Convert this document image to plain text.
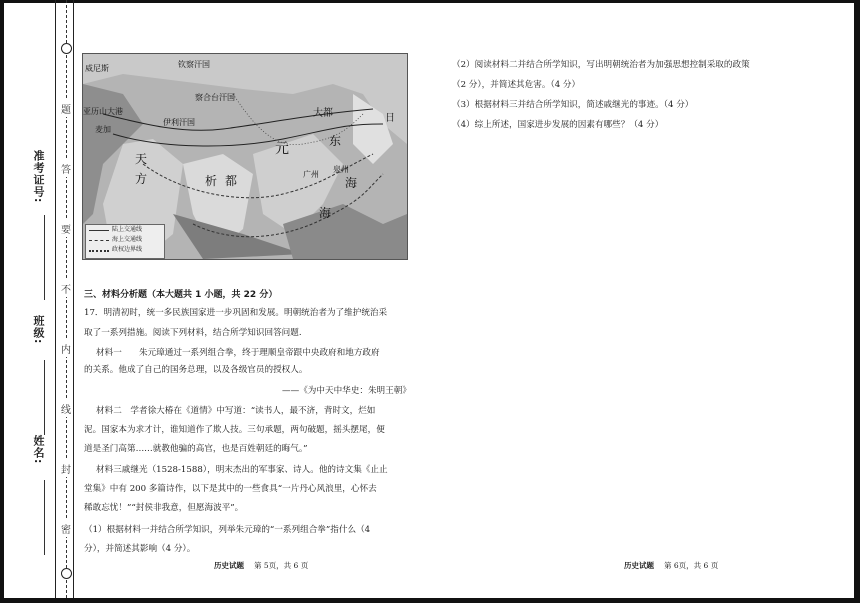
题
答
要
不
内
线
封
密
准考证号:
班级:
姓名:
钦察汗国
威尼斯
察合台汗国
大都
伊利汗国
麦加
亚历山大港
天
方	析 都	广州
泉州
元
海
东
日
海
陆上交通线
海上交通线
政权边界线
三、材料分析题（本大题共 1 小题，共 22 分）
17．明清初时，统一多民族国家进一步巩固和发展。明朝统治者为了维护统治采
取了一系列措施。阅读下列材料，结合所学知识回答问题.
材料一　　朱元璋通过一系列组合拳，终于理顺皇帝跟中央政府和地方政府
的关系。他成了自己的国务总理，以及各级官员的授权人。
——《为中天中华史：朱明王朝》
材料二　学者徐大椿在《道情》中写道：“读书人，最不济，背时文，烂如
泥。国家本为求才计，谁知道作了欺人技。三句承题，两句破题，摇头摆尾，便
道是圣门高第……就教他骗的高官，也是百姓朝廷的晦气。”
材料三戚继光（1528-1588），明末杰出的军事家、诗人。他的诗文集《止止
堂集》中有 200 多篇诗作，以下是其中的一些食具“一片丹心风浪里，心怀去
稀敢忘忧！”“封侯非我意，但愿海波平”。
（1）根据材料一并结合所学知识，列举朱元璋的“一系列组合拳”指什么（4
分），并简述其影响（4 分）。
历史试题 第 5页，共 6 页
（2）阅读材料二并结合所学知识，写出明朝统治者为加强思想控制采取的政策
（2 分），并简述其危害。（4 分）
（3）根据材料三并结合所学知识，简述戚继光的事迹。（4 分）
（4）综上所述，国家进步发展的因素有哪些？（4 分）
历史试题 第 6页，共 6 页
